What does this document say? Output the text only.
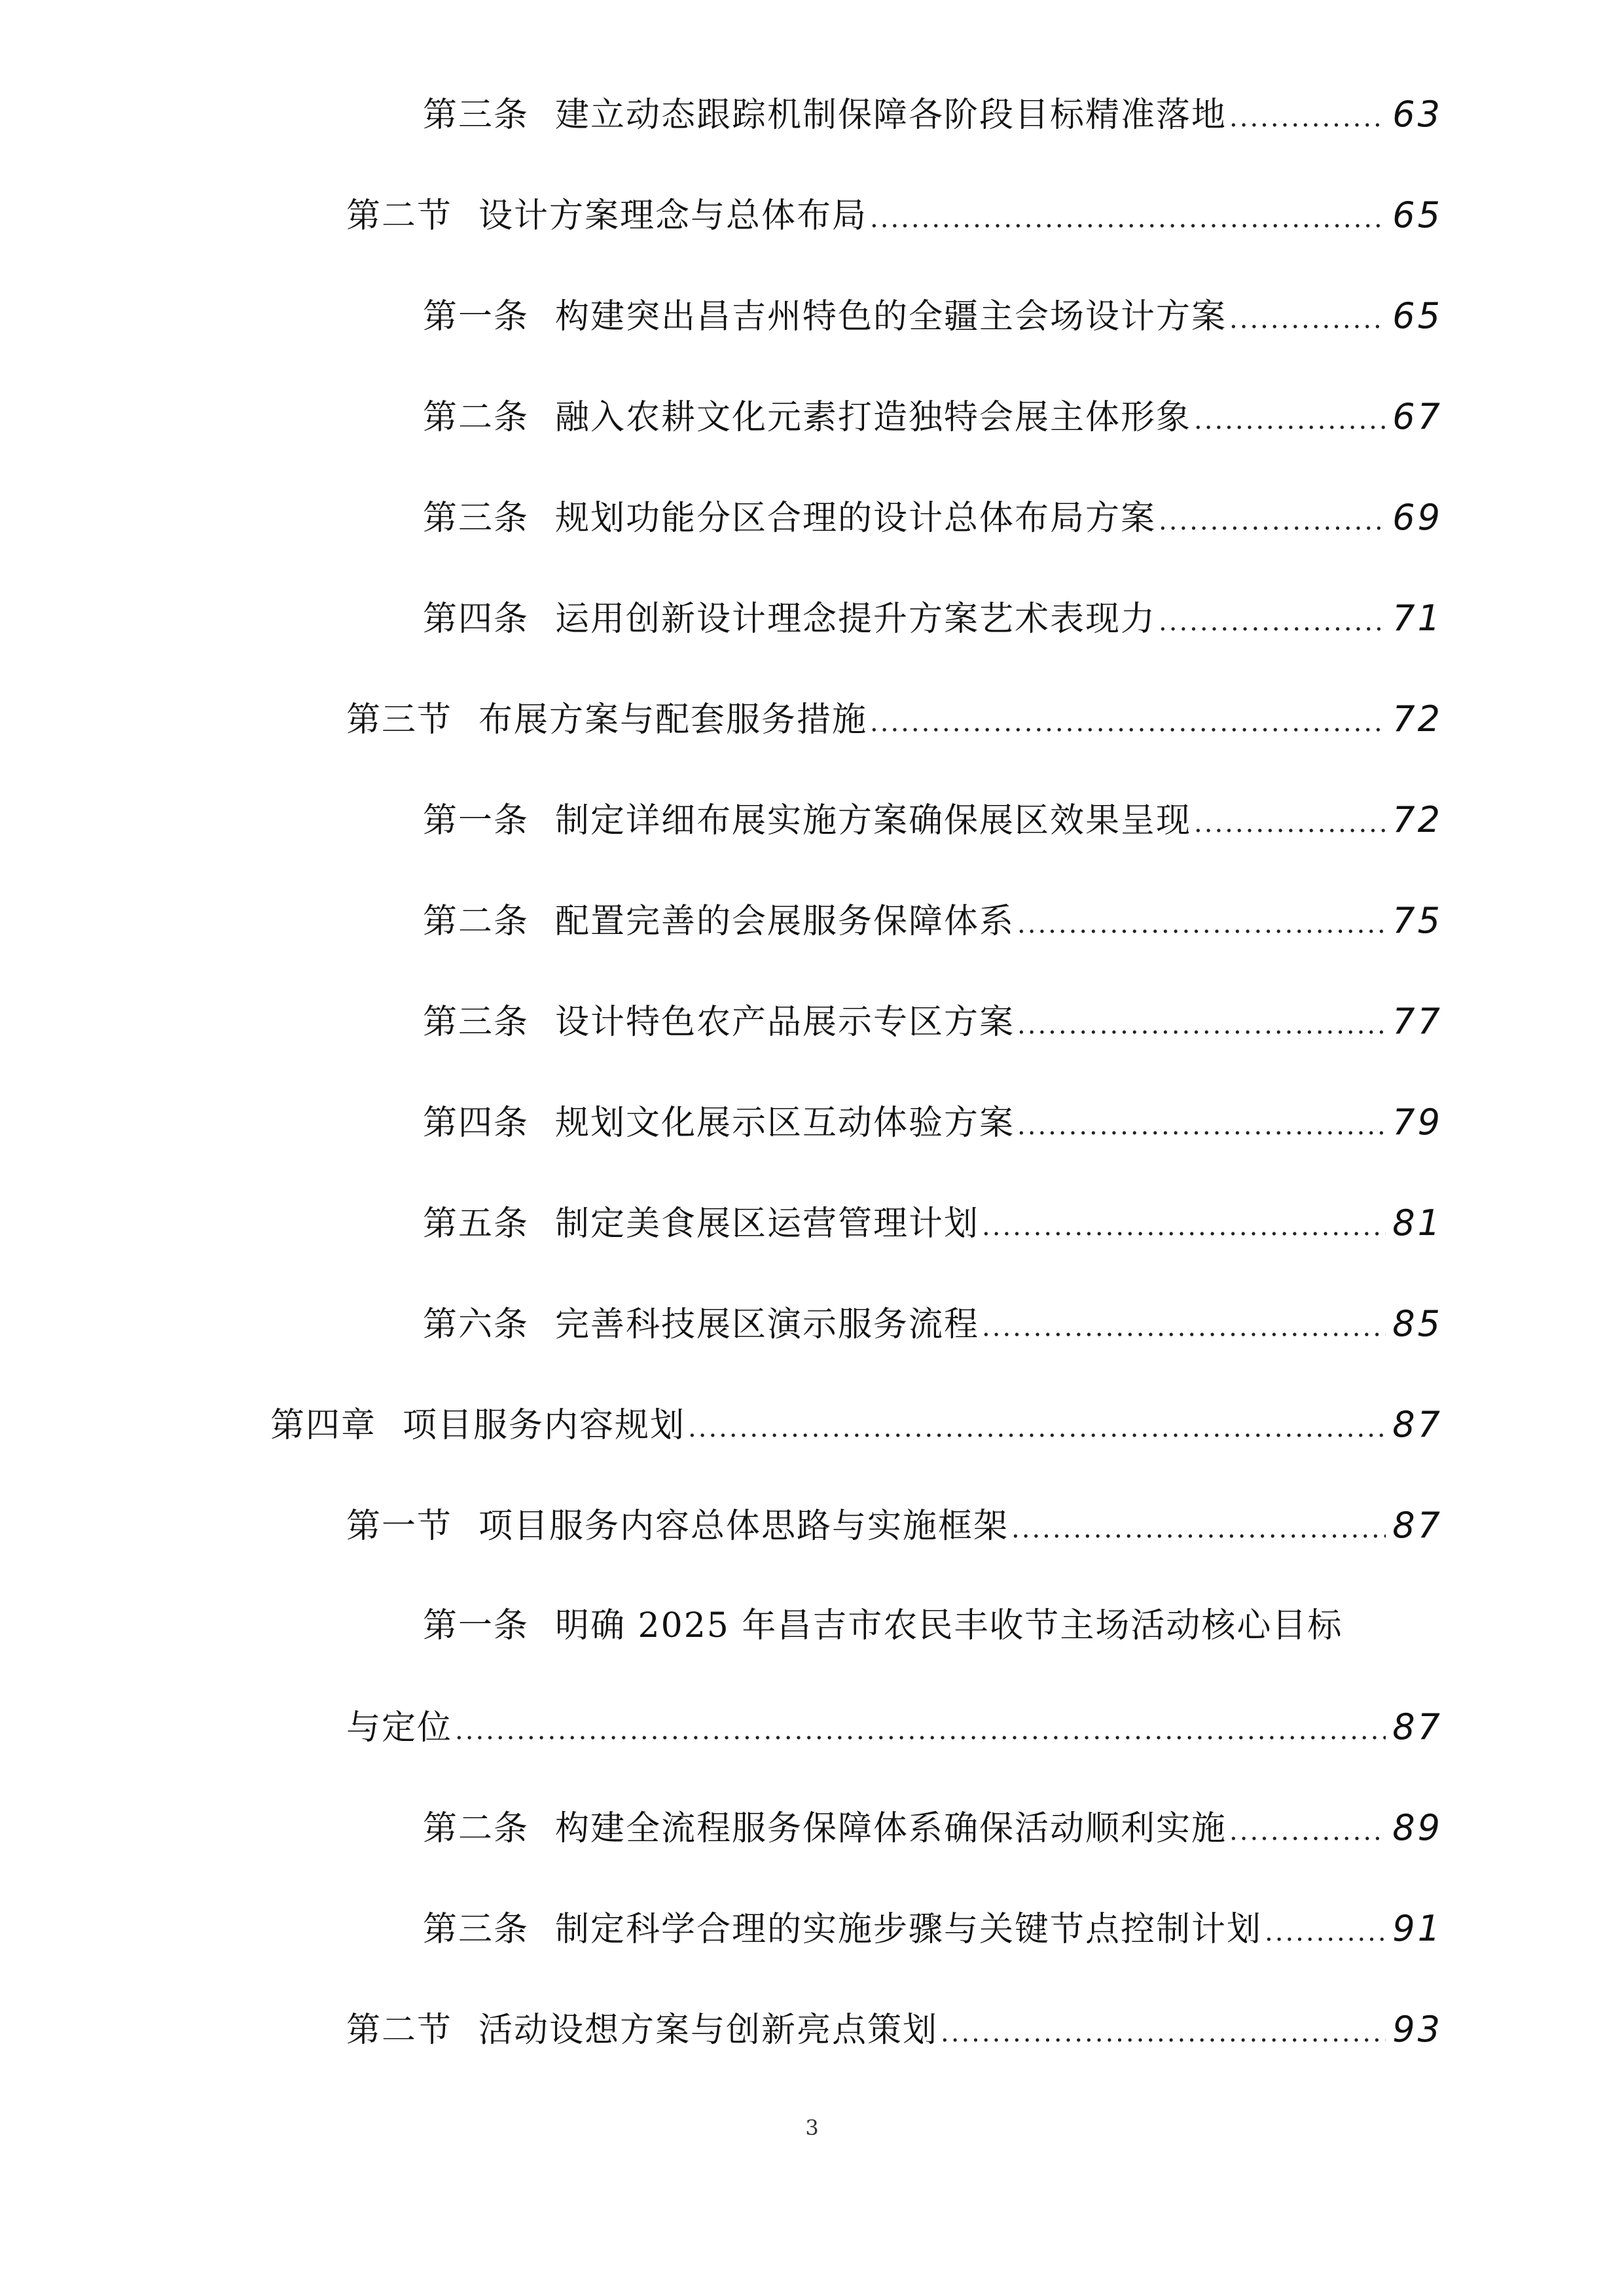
第三条 建立动态跟踪机制保障各阶段目标精准落地 .....	63
第二节 设计方案理念与总体布局 .....	65
第一条 构建突出昌吉州特色的全疆主会场设计方案 .....	65
第二条 融入农耕文化元素打造独特会展主体形象 .....	67
第三条 规划功能分区合理的设计总体布局方案 .....	69
第四条 运用创新设计理念提升方案艺术表现力 .....	71
第三节 布展方案与配套服务措施 .....	72
第一条 制定详细布展实施方案确保展区效果呈现 .....	72
第二条 配置完善的会展服务保障体系 .....	75
第三条 设计特色农产品展示专区方案 .....	77
第四条 规划文化展示区互动体验方案 .....	79
第五条 制定美食展区运营管理计划 .....	81
第六条 完善科技展区演示服务流程 .....	85
第四章 项目服务内容规划 .....	87
第一节 项目服务内容总体思路与实施框架 .....	87
第一条 明确 2025 年昌吉市农民丰收节主场活动核心目标
与定位 .....	87
第二条 构建全流程服务保障体系确保活动顺利实施 .....	89
第三条 制定科学合理的实施步骤与关键节点控制计划 .....	91
第二节 活动设想方案与创新亮点策划 .....	93
3
